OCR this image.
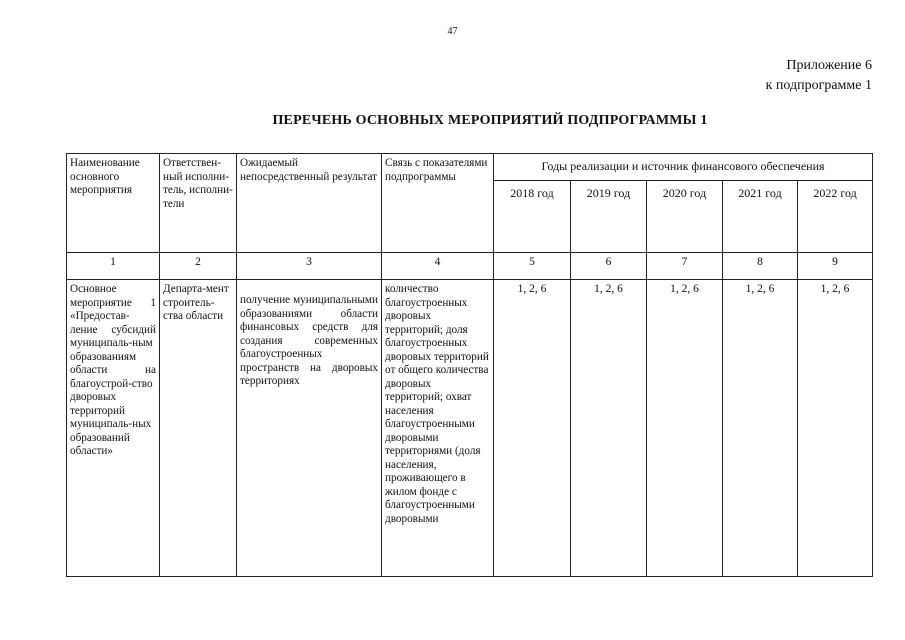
47
Приложение 6
к подпрограмме 1
ПЕРЕЧЕНЬ ОСНОВНЫХ МЕРОПРИЯТИЙ ПОДПРОГРАММЫ 1
Наименование основного мероприятия	Ответствен-ный исполни-тель, исполни-тели	Ожидаемый непосредственный результат	Связь с показателями подпрограммы	Годы реализации и источник финансового обеспечения				
				2018 год	2019 год	2020 год	2021 год	2022 год
1	2	3	4	5	6	7	8	9
Основное мероприятие 1 «Предостав-ление субсидий муниципаль-ным образованиям области на благоустрой-ство дворовых территорий муниципаль-ных образований области»	Департа-мент строитель-ства области	получение муниципальными образованиями области финансовых средств для создания современных благоустроенных пространств на дворовых территориях	количество благоустроенных дворовых территорий; доля благоустроенных дворовых территорий от общего количества дворовых территорий; охват населения благоустроенными дворовыми территориями (доля населения, проживающего в жилом фонде с благоустроенными дворовыми	1, 2, 6	1, 2, 6	1, 2, 6	1, 2, 6	1, 2, 6
